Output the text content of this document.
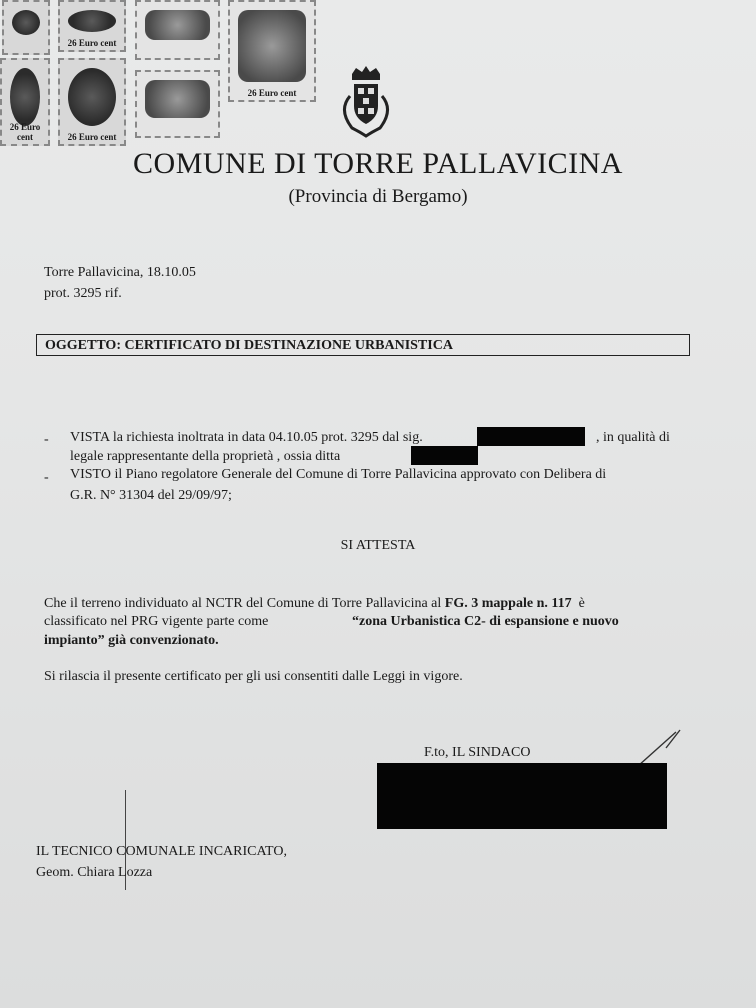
26 Euro cent
26 Euro cent	26 Euro cent
26 Euro cent
COMUNE DI TORRE PALLAVICINA
(Provincia di Bergamo)
Torre Pallavicina, 18.10.05
prot. 3295 rif.
OGGETTO: CERTIFICATO DI DESTINAZIONE URBANISTICA
- VISTA la richiesta inoltrata in data 04.10.05 prot. 3295 dal sig.	, in qualità di
legale rappresentante della proprietà , ossia ditta
- VISTO il Piano regolatore Generale del Comune di Torre Pallavicina approvato con Delibera di
G.R. N° 31304 del 29/09/97;
SI ATTESTA
Che il terreno individuato al NCTR del Comune di Torre Pallavicina al FG. 3 mappale n. 117 è
classificato nel PRG vigente parte come	“zona Urbanistica C2- di espansione e nuovo
impianto” già convenzionato.
Si rilascia il presente certificato per gli usi consentiti dalle Leggi in vigore.
F.to, IL SINDACO
IL TECNICO COMUNALE INCARICATO,
Geom. Chiara Lozza
